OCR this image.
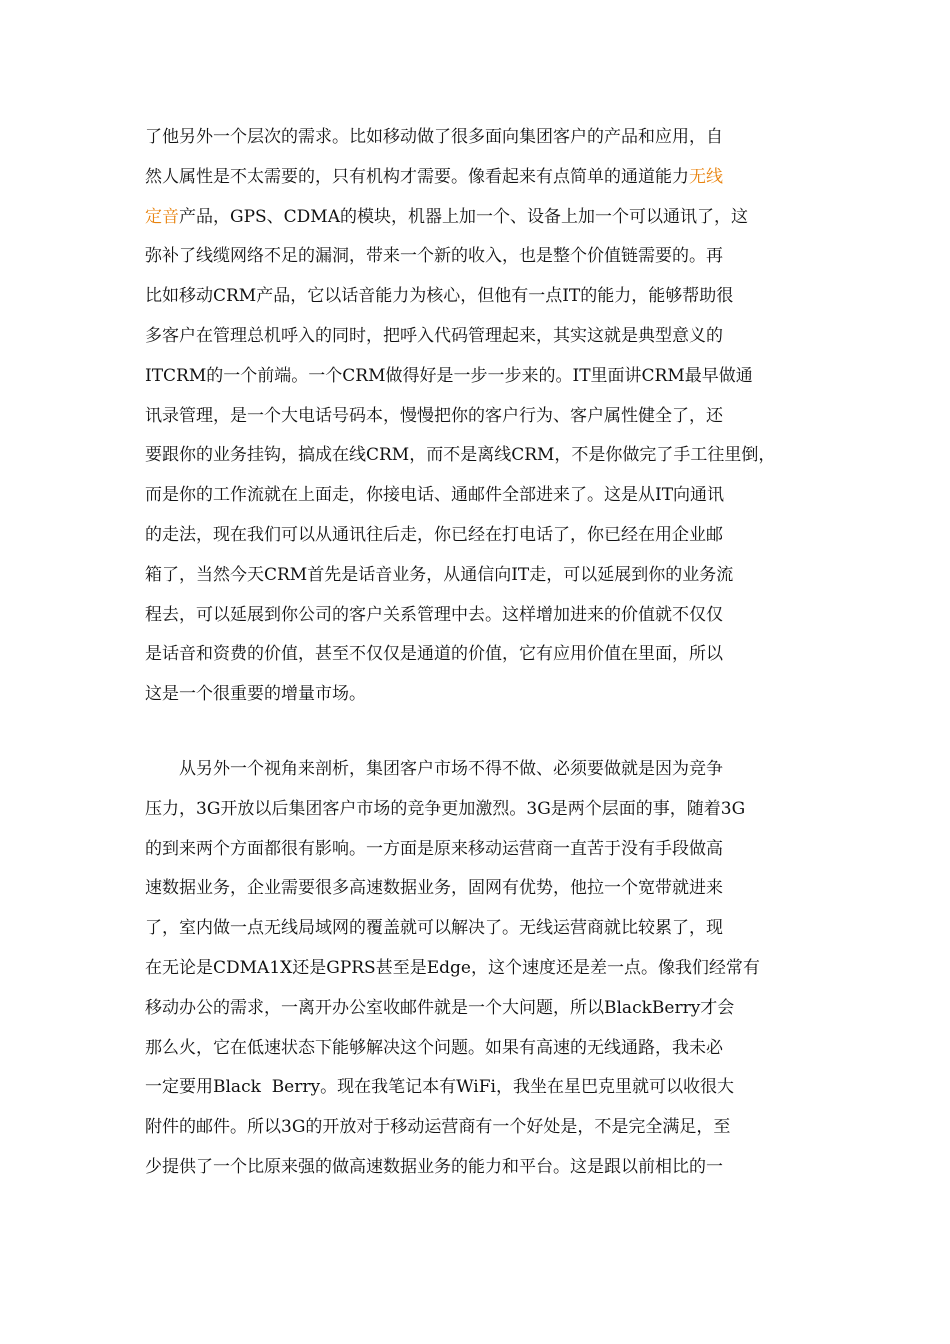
了他另外一个层次的需求。比如移动做了很多面向集团客户的产品和应用，自
然人属性是不太需要的，只有机构才需要。像看起来有点简单的通道能力无线
定音产品，GPS、CDMA的模块，机器上加一个、设备上加一个可以通讯了，这
弥补了线缆网络不足的漏洞，带来一个新的收入，也是整个价值链需要的。再
比如移动CRM产品，它以话音能力为核心，但他有一点IT的能力，能够帮助很
多客户在管理总机呼入的同时，把呼入代码管理起来，其实这就是典型意义的
ITCRM的一个前端。一个CRM做得好是一步一步来的。IT里面讲CRM最早做通
讯录管理，是一个大电话号码本，慢慢把你的客户行为、客户属性健全了，还
要跟你的业务挂钩，搞成在线CRM，而不是离线CRM，不是你做完了手工往里倒，
而是你的工作流就在上面走，你接电话、通邮件全部进来了。这是从IT向通讯
的走法，现在我们可以从通讯往后走，你已经在打电话了，你已经在用企业邮
箱了，当然今天CRM首先是话音业务，从通信向IT走，可以延展到你的业务流
程去，可以延展到你公司的客户关系管理中去。这样增加进来的价值就不仅仅
是话音和资费的价值，甚至不仅仅是通道的价值，它有应用价值在里面，所以
这是一个很重要的增量市场。
从另外一个视角来剖析，集团客户市场不得不做、必须要做就是因为竞争
压力，3G开放以后集团客户市场的竞争更加激烈。3G是两个层面的事，随着3G
的到来两个方面都很有影响。一方面是原来移动运营商一直苦于没有手段做高
速数据业务，企业需要很多高速数据业务，固网有优势，他拉一个宽带就进来
了，室内做一点无线局域网的覆盖就可以解决了。无线运营商就比较累了，现
在无论是CDMA1X还是GPRS甚至是Edge，这个速度还是差一点。像我们经常有
移动办公的需求，一离开办公室收邮件就是一个大问题，所以BlackBerry才会
那么火，它在低速状态下能够解决这个问题。如果有高速的无线通路，我未必
一定要用Black  Berry。现在我笔记本有WiFi，我坐在星巴克里就可以收很大
附件的邮件。所以3G的开放对于移动运营商有一个好处是，不是完全满足，至
少提供了一个比原来强的做高速数据业务的能力和平台。这是跟以前相比的一
